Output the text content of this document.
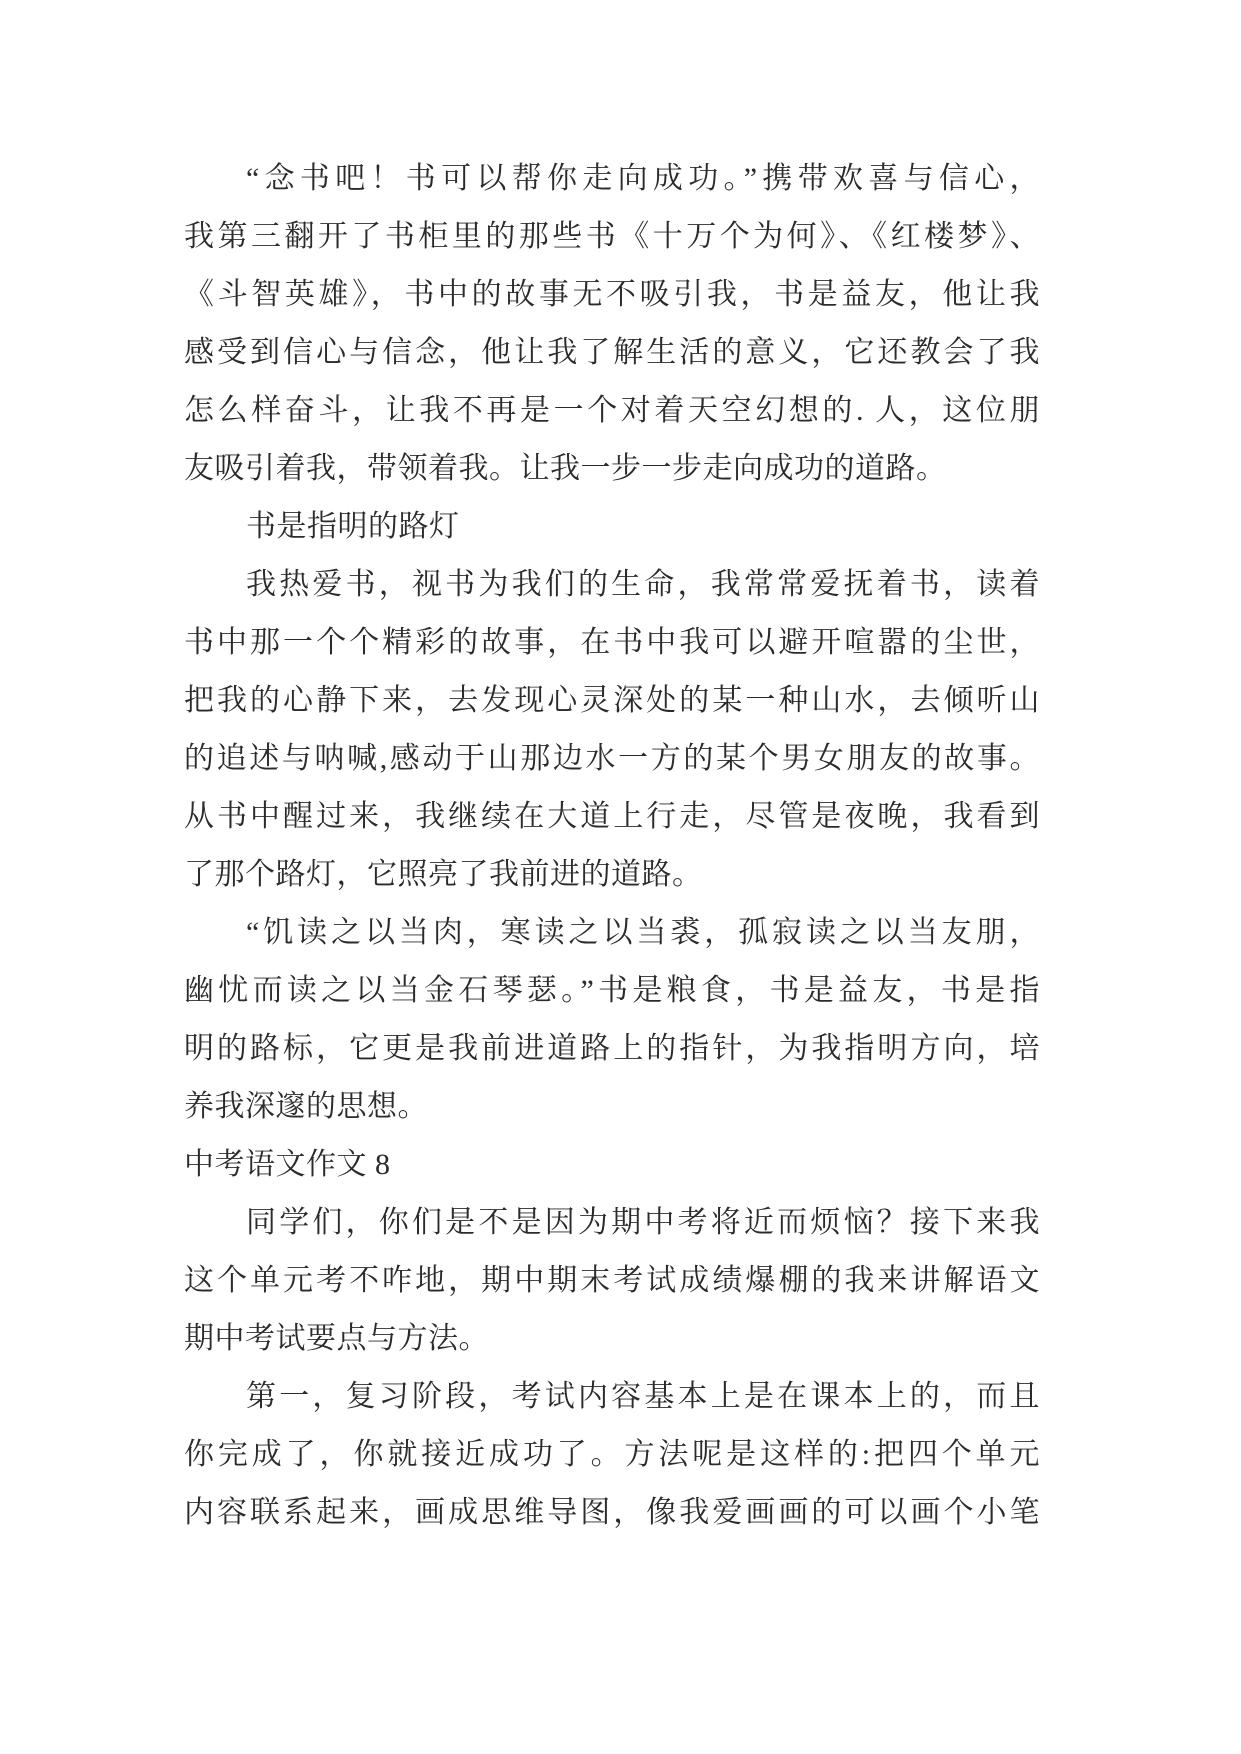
“念书吧！书可以帮你走向成功。”携带欢喜与信心，
我第三翻开了书柜里的那些书《十万个为何》、《红楼梦》、
《斗智英雄》，书中的故事无不吸引我，书是益友，他让我
感受到信心与信念，他让我了解生活的意义，它还教会了我
怎么样奋斗，让我不再是一个对着天空幻想的. 人，这位朋
友吸引着我，带领着我。让我一步一步走向成功的道路。
书是指明的路灯
我热爱书，视书为我们的生命，我常常爱抚着书，读着
书中那一个个精彩的故事，在书中我可以避开喧嚣的尘世，
把我的心静下来，去发现心灵深处的某一种山水，去倾听山
的追述与呐喊,感动于山那边水一方的某个男女朋友的故事。
从书中醒过来，我继续在大道上行走，尽管是夜晚，我看到
了那个路灯，它照亮了我前进的道路。
“饥读之以当肉，寒读之以当裘，孤寂读之以当友朋，
幽忧而读之以当金石琴瑟。”书是粮食，书是益友，书是指
明的路标，它更是我前进道路上的指针，为我指明方向，培
养我深邃的思想。
中考语文作文 8
同学们，你们是不是因为期中考将近而烦恼？接下来我
这个单元考不咋地，期中期末考试成绩爆棚的我来讲解语文
期中考试要点与方法。
第一，复习阶段，考试内容基本上是在课本上的，而且
你完成了，你就接近成功了。方法呢是这样的:把四个单元
内容联系起来，画成思维导图，像我爱画画的可以画个小笔
